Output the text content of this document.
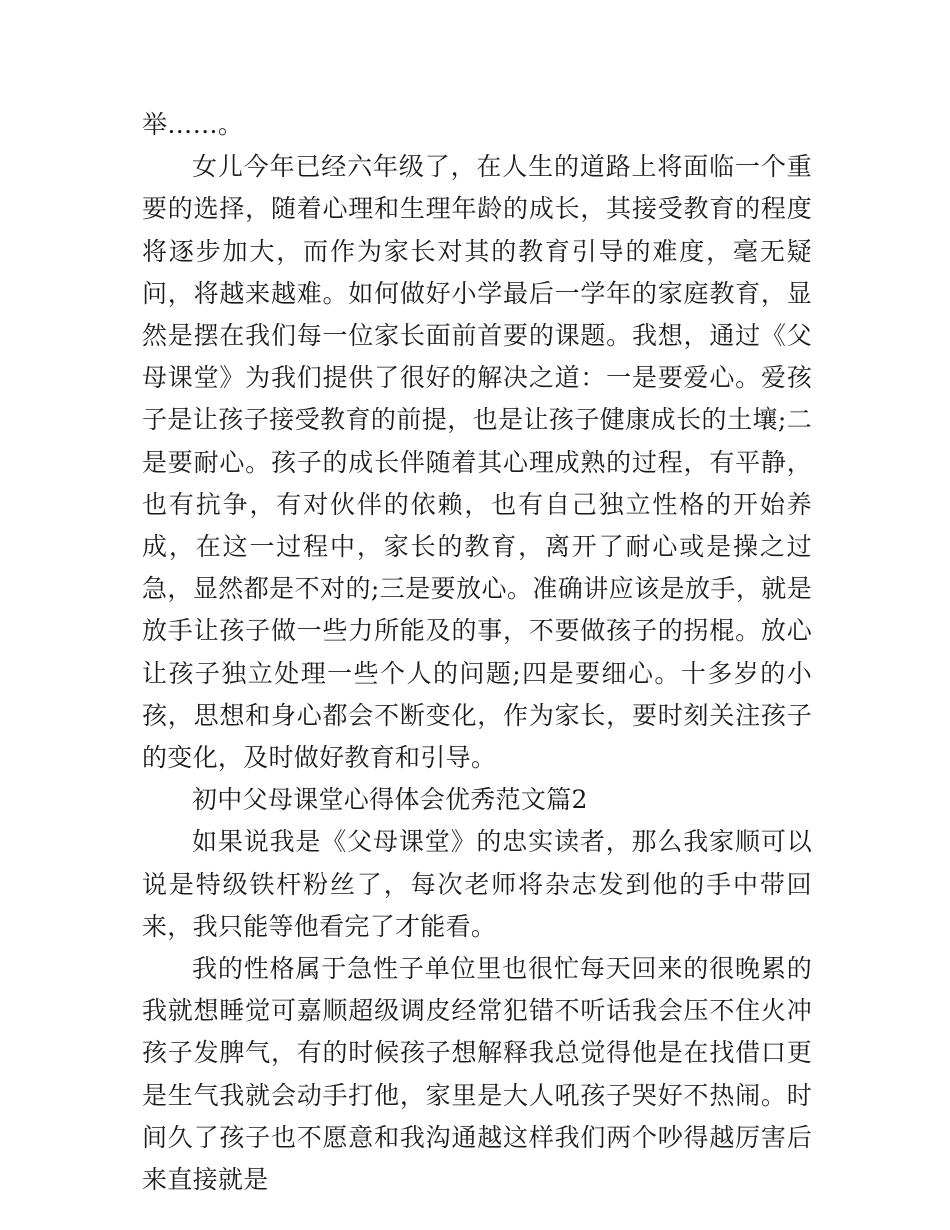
举……。

女儿今年已经六年级了，在人生的道路上将面临一个重要的选择，随着心理和生理年龄的成长，其接受教育的程度将逐步加大，而作为家长对其的教育引导的难度，毫无疑问，将越来越难。如何做好小学最后一学年的家庭教育，显然是摆在我们每一位家长面前首要的课题。我想，通过《父母课堂》为我们提供了很好的解决之道：一是要爱心。爱孩子是让孩子接受教育的前提，也是让孩子健康成长的土壤;二是要耐心。孩子的成长伴随着其心理成熟的过程，有平静，也有抗争，有对伙伴的依赖，也有自己独立性格的开始养成，在这一过程中，家长的教育，离开了耐心或是操之过急，显然都是不对的;三是要放心。准确讲应该是放手，就是放手让孩子做一些力所能及的事，不要做孩子的拐棍。放心让孩子独立处理一些个人的问题;四是要细心。十多岁的小孩，思想和身心都会不断变化，作为家长，要时刻关注孩子的变化，及时做好教育和引导。

初中父母课堂心得体会优秀范文篇2

如果说我是《父母课堂》的忠实读者，那么我家顺可以说是特级铁杆粉丝了，每次老师将杂志发到他的手中带回来，我只能等他看完了才能看。

我的性格属于急性子单位里也很忙每天回来的很晚累的我就想睡觉可嘉顺超级调皮经常犯错不听话我会压不住火冲孩子发脾气，有的时候孩子想解释我总觉得他是在找借口更是生气我就会动手打他，家里是大人吼孩子哭好不热闹。时间久了孩子也不愿意和我沟通越这样我们两个吵得越厉害后来直接就是
